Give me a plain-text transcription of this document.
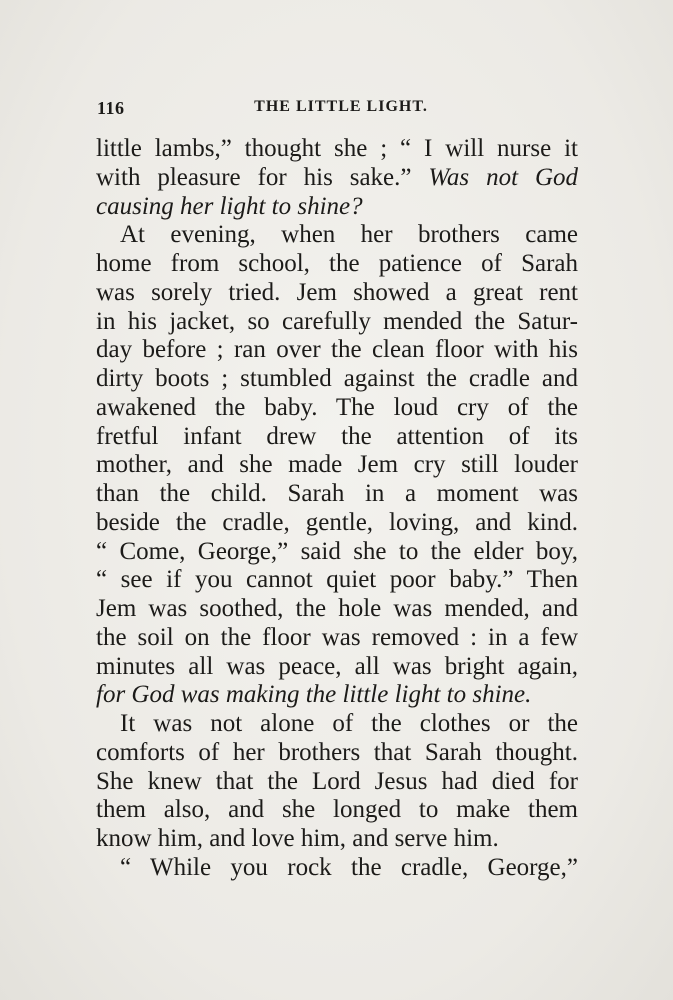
116	THE LITTLE LIGHT.
little lambs,” thought she ; “ I will nurse it
with pleasure for his sake.” Was not God
causing her light to shine?
At evening, when her brothers came
home from school, the patience of Sarah
was sorely tried. Jem showed a great rent
in his jacket, so carefully mended the Satur-
day before ; ran over the clean floor with his
dirty boots ; stumbled against the cradle and
awakened the baby. The loud cry of the
fretful infant drew the attention of its
mother, and she made Jem cry still louder
than the child. Sarah in a moment was
beside the cradle, gentle, loving, and kind.
“ Come, George,” said she to the elder boy,
“ see if you cannot quiet poor baby.” Then
Jem was soothed, the hole was mended, and
the soil on the floor was removed : in a few
minutes all was peace, all was bright again,
for God was making the little light to shine.
It was not alone of the clothes or the
comforts of her brothers that Sarah thought.
She knew that the Lord Jesus had died for
them also, and she longed to make them
know him, and love him, and serve him.
“ While you rock the cradle, George,”
